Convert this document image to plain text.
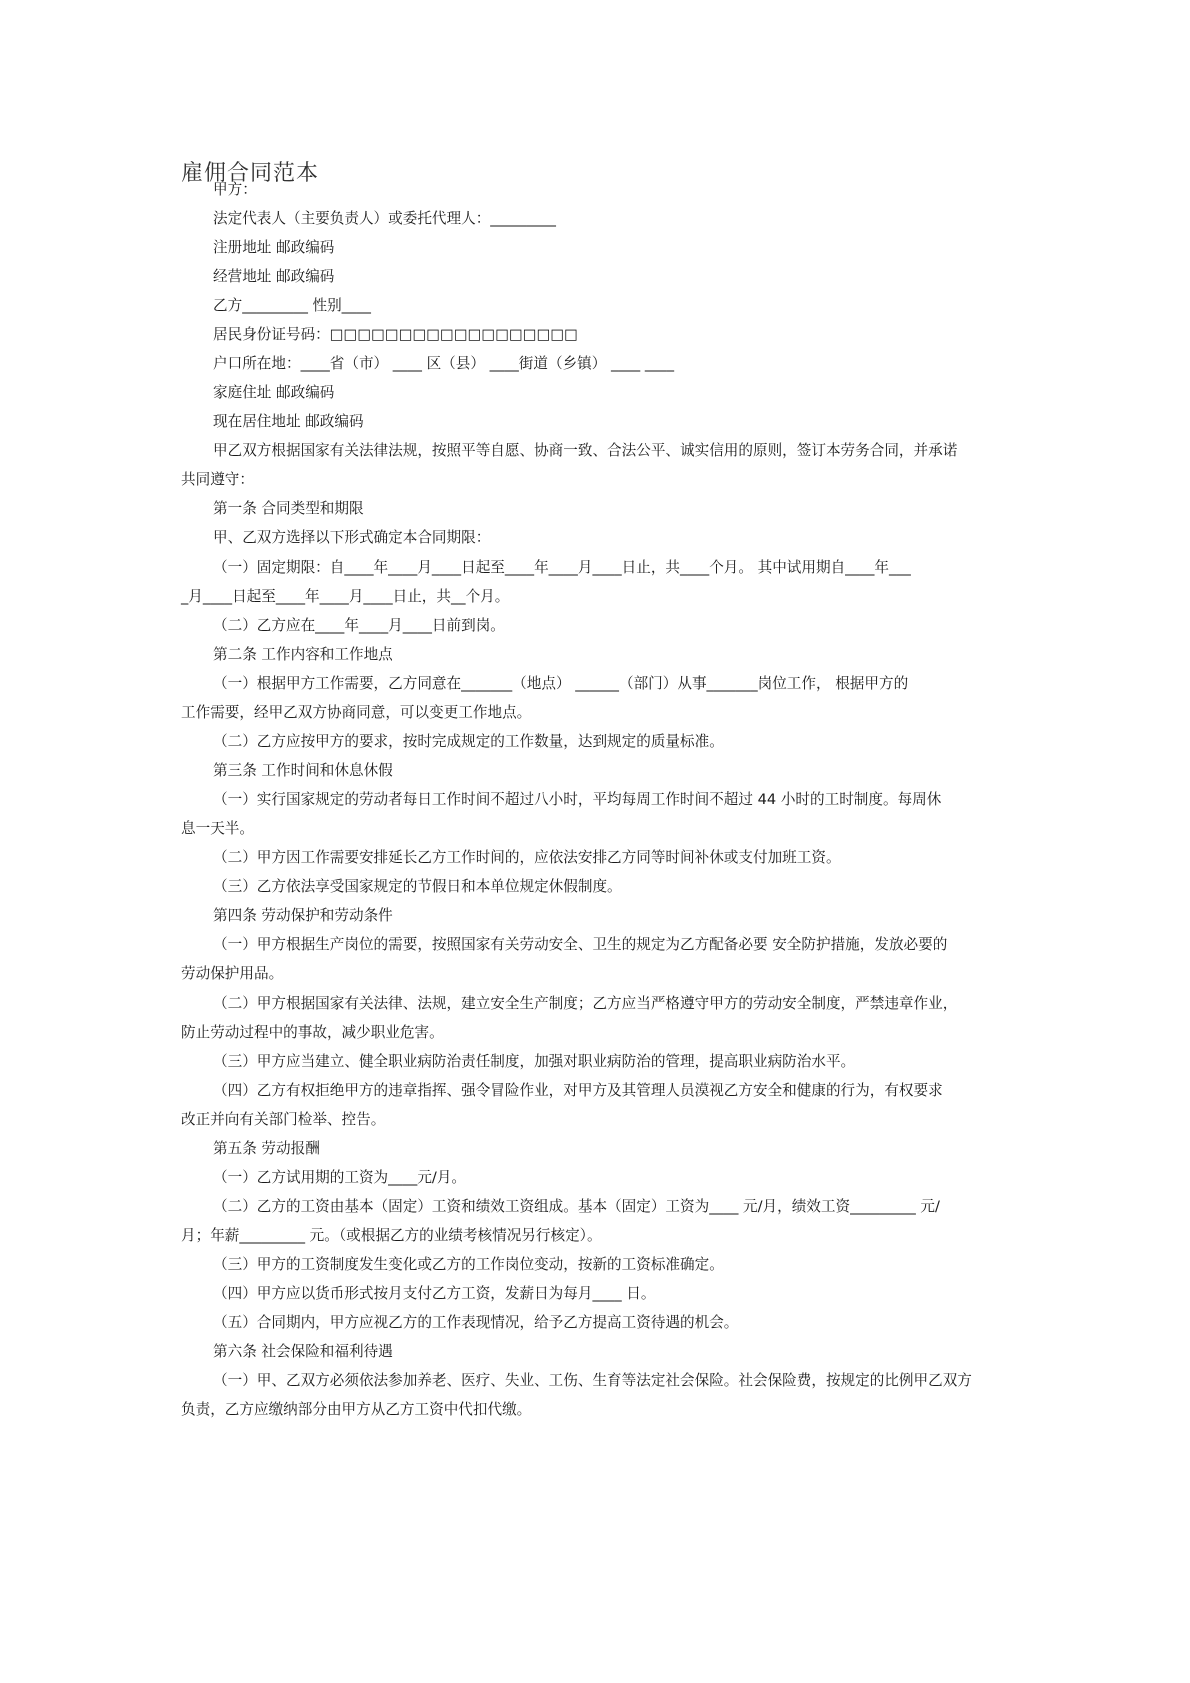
雇佣合同范本
甲方：
法定代表人（主要负责人）或委托代理人：_________
注册地址 邮政编码
经营地址 邮政编码
乙方_________ 性别____
居民身份证号码：□□□□□□□□□□□□□□□□□□
户口所在地：____省（市） ____ 区（县） ____街道（乡镇） ____ ____
家庭住址 邮政编码
现在居住地址 邮政编码
甲乙双方根据国家有关法律法规，按照平等自愿、协商一致、合法公平、诚实信用的原则，签订本劳务合同，并承诺
共同遵守：
第一条 合同类型和期限
甲、乙双方选择以下形式确定本合同期限：
（一）固定期限：自____年____月____日起至____年____月____日止，共____个月。 其中试用期自____年___
_月____日起至____年____月____日止，共__个月。
（二）乙方应在____年____月____日前到岗。
第二条 工作内容和工作地点
（一）根据甲方工作需要，乙方同意在_______（地点） ______（部门）从事_______岗位工作， 根据甲方的
工作需要，经甲乙双方协商同意，可以变更工作地点。
（二）乙方应按甲方的要求，按时完成规定的工作数量，达到规定的质量标准。
第三条 工作时间和休息休假
（一）实行国家规定的劳动者每日工作时间不超过八小时，平均每周工作时间不超过 44 小时的工时制度。每周休
息一天半。
（二）甲方因工作需要安排延长乙方工作时间的，应依法安排乙方同等时间补休或支付加班工资。
（三）乙方依法享受国家规定的节假日和本单位规定休假制度。
第四条 劳动保护和劳动条件
（一）甲方根据生产岗位的需要，按照国家有关劳动安全、卫生的规定为乙方配备必要 安全防护措施，发放必要的
劳动保护用品。
（二）甲方根据国家有关法律、法规，建立安全生产制度；乙方应当严格遵守甲方的劳动安全制度，严禁违章作业，
防止劳动过程中的事故，减少职业危害。
（三）甲方应当建立、健全职业病防治责任制度，加强对职业病防治的管理，提高职业病防治水平。
（四）乙方有权拒绝甲方的违章指挥、强令冒险作业，对甲方及其管理人员漠视乙方安全和健康的行为，有权要求
改正并向有关部门检举、控告。
第五条 劳动报酬
（一）乙方试用期的工资为____元/月。
（二）乙方的工资由基本（固定）工资和绩效工资组成。基本（固定）工资为____ 元/月，绩效工资_________ 元/
月；年薪_________ 元。（或根据乙方的业绩考核情况另行核定）。
（三）甲方的工资制度发生变化或乙方的工作岗位变动，按新的工资标准确定。
（四）甲方应以货币形式按月支付乙方工资，发薪日为每月____ 日。
（五）合同期内，甲方应视乙方的工作表现情况，给予乙方提高工资待遇的机会。
第六条 社会保险和福利待遇
（一）甲、乙双方必须依法参加养老、医疗、失业、工伤、生育等法定社会保险。社会保险费，按规定的比例甲乙双方
负责，乙方应缴纳部分由甲方从乙方工资中代扣代缴。
